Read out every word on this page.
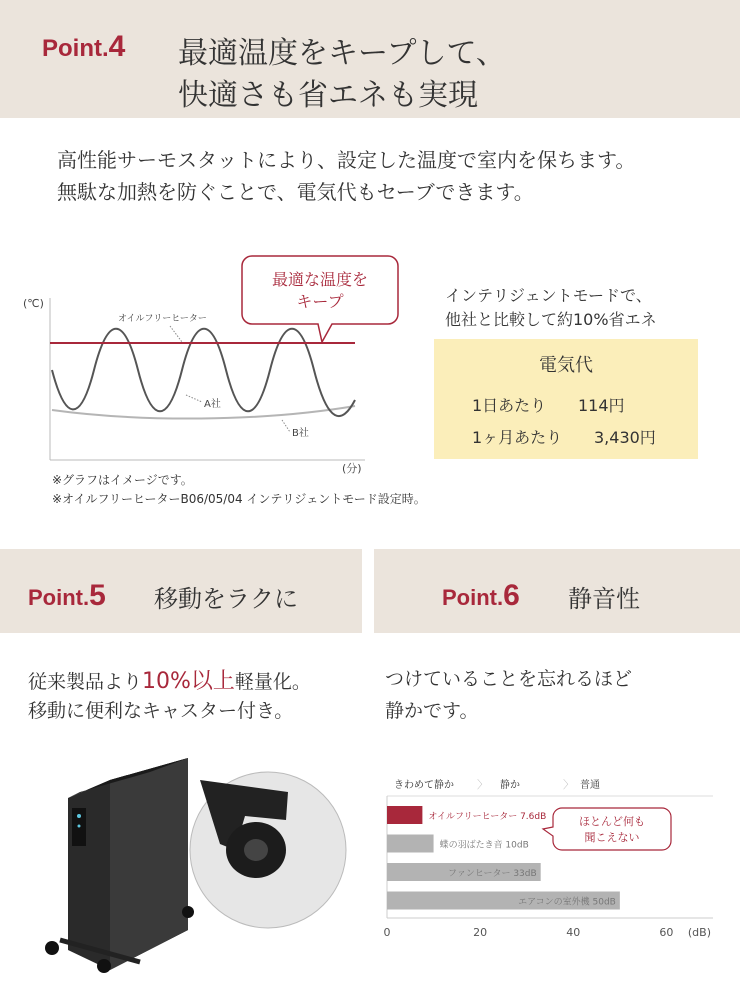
Point.4 最適温度をキープして、
快適さも省エネも実現
高性能サーモスタットにより、設定した温度で室内を保ちます。
無駄な加熱を防ぐことで、電気代もセーブできます。
(℃)
(分)
オイルフリーヒーター
A社
B社
最適な温度を
キープ
※グラフはイメージです。
※オイルフリーヒーターB06/05/04 インテリジェントモード設定時。
インテリジェントモードで、
他社と比較して約10%省エネ
電気代
1日あたり 114円
1ヶ月あたり 3,430円
Point.5 移動をラクに	Point.6 静音性
従来製品より10%以上軽量化。
移動に便利なキャスター付き。
つけていることを忘れるほど
静かです。
きわめて静か 〉 静か	〉 普通
オイルフリーヒーター 7.6dB
蝶の羽ばたき音 10dB
ファンヒーター 33dB
エアコンの室外機 50dB
0	20	40	60 (dB)
ほとんど何も
聞こえない
